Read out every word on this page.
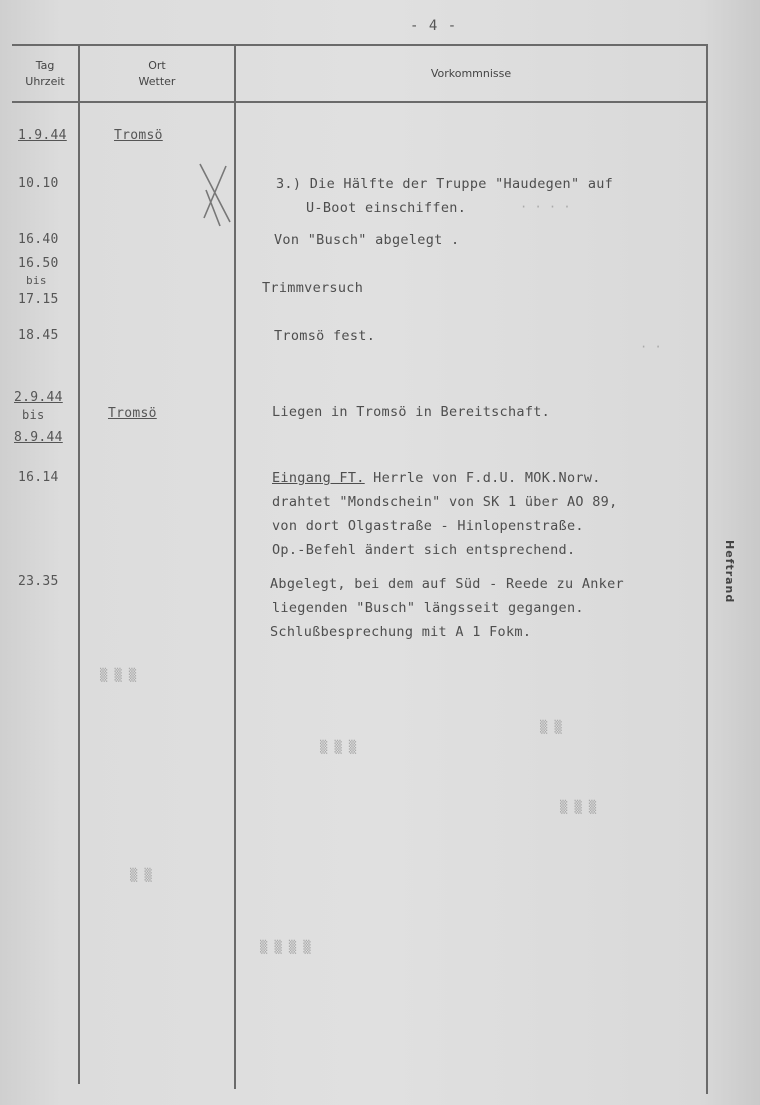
- 4 -
Tag
Uhrzeit
Ort
Wetter
Vorkommnisse
1.9.44
10.10
16.40
16.50
bis
17.15
18.45
2.9.44
bis
8.9.44
16.14
23.35
Tromsö
Tromsö
3.) Die Hälfte der Truppe "Haudegen" auf
U-Boot einschiffen.
Von "Busch" abgelegt .
Trimmversuch
Tromsö fest.
Liegen in Tromsö in Bereitschaft.
Eingang FT. Herrle von F.d.U. MOK.Norw.
drahtet "Mondschein" von SK 1 über AO 89,
von dort Olgastraße - Hinlopenstraße.
Op.-Befehl ändert sich entsprechend.
Abgelegt, bei dem auf Süd - Reede zu Anker
liegenden "Busch" längsseit gegangen.
Schlußbesprechung mit A 1 Fokm.
· · · ·
· ·
▒ ▒
▒ ▒ ▒
▒ ▒ ▒
▒ ▒
▒ ▒ ▒ ▒
▒ ▒ ▒
Heftrand
